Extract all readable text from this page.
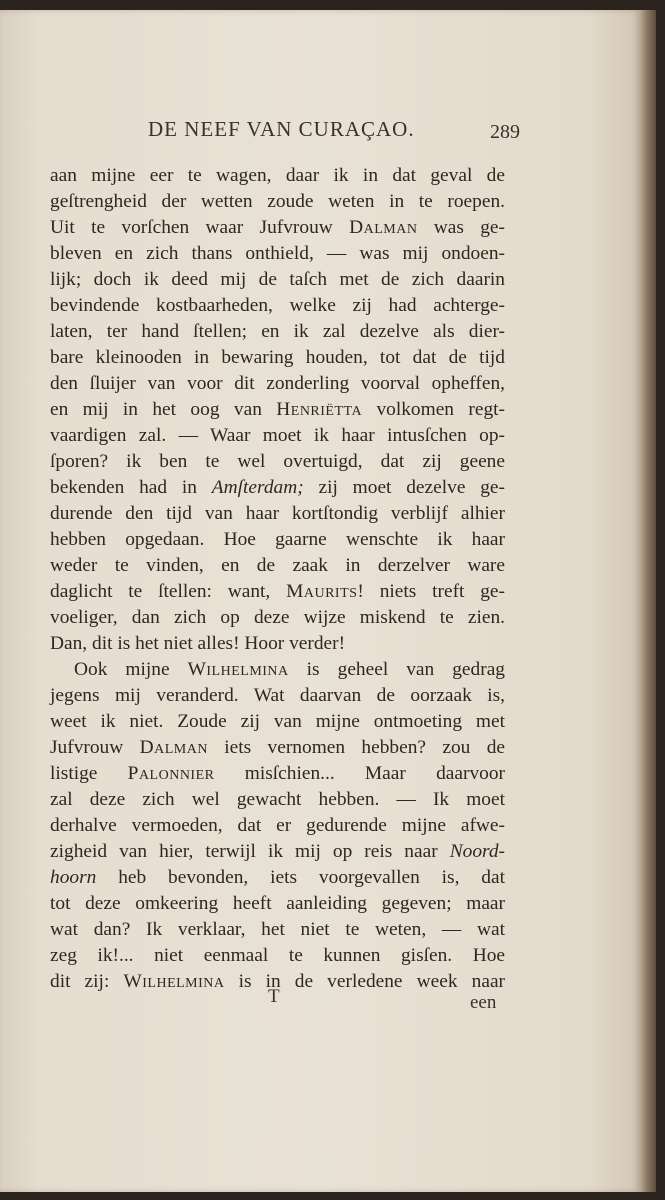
DE NEEF VAN CURAÇAO.	289
aan mijne eer te wagen, daar ik in dat geval de
geſtrengheid der wetten zoude weten in te roepen.
Uit te vorſchen waar Jufvrouw Dalman was ge-
bleven en zich thans onthield, — was mij ondoen-
lijk; doch ik deed mij de taſch met de zich daarin
bevindende kostbaarheden, welke zij had achterge-
laten, ter hand ſtellen; en ik zal dezelve als dier-
bare kleinooden in bewaring houden, tot dat de tijd
den ſluijer van voor dit zonderling voorval opheffen,
en mij in het oog van Henriëtta volkomen regt-
vaardigen zal. — Waar moet ik haar intusſchen op-
ſporen? ik ben te wel overtuigd, dat zij geene
bekenden had in Amſterdam; zij moet dezelve ge-
durende den tijd van haar kortſtondig verblijf alhier
hebben opgedaan. Hoe gaarne wenschte ik haar
weder te vinden, en de zaak in derzelver ware
daglicht te ſtellen: want, Maurits! niets treft ge-
voeliger, dan zich op deze wijze miskend te zien.
Dan, dit is het niet alles! Hoor verder!
Ook mijne Wilhelmina is geheel van gedrag
jegens mij veranderd. Wat daarvan de oorzaak is,
weet ik niet. Zoude zij van mijne ontmoeting met
Jufvrouw Dalman iets vernomen hebben? zou de
listige Palonnier misſchien... Maar daarvoor
zal deze zich wel gewacht hebben. — Ik moet
derhalve vermoeden, dat er gedurende mijne afwe-
zigheid van hier, terwijl ik mij op reis naar Noord-
hoorn heb bevonden, iets voorgevallen is, dat
tot deze omkeering heeft aanleiding gegeven; maar
wat dan? Ik verklaar, het niet te weten, — wat
zeg ik!... niet eenmaal te kunnen gisſen. Hoe
dit zij: Wilhelmina is in de verledene week naar
T	een
